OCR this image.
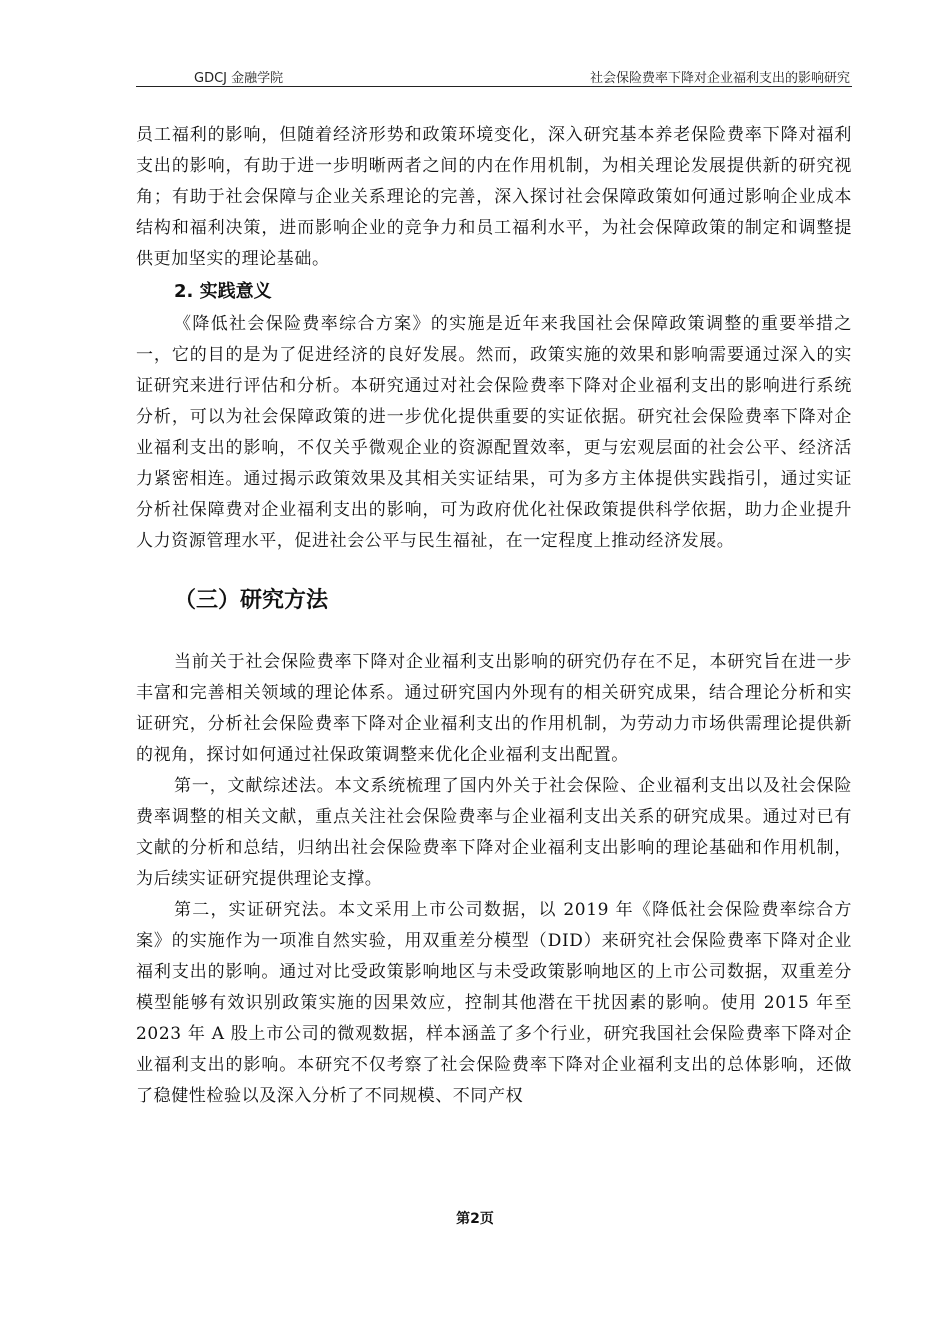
GDCJ 金融学院	社会保险费率下降对企业福利支出的影响研究

员工福利的影响，但随着经济形势和政策环境变化，深入研究基本养老保险费率下降对福利支出的影响，有助于进一步明晰两者之间的内在作用机制，为相关理论发展提供新的研究视角；有助于社会保障与企业关系理论的完善，深入探讨社会保障政策如何通过影响企业成本结构和福利决策，进而影响企业的竞争力和员工福利水平，为社会保障政策的制定和调整提供更加坚实的理论基础。

2. 实践意义

《降低社会保险费率综合方案》的实施是近年来我国社会保障政策调整的重要举措之一，它的目的是为了促进经济的良好发展。然而，政策实施的效果和影响需要通过深入的实证研究来进行评估和分析。本研究通过对社会保险费率下降对企业福利支出的影响进行系统分析，可以为社会保障政策的进一步优化提供重要的实证依据。研究社会保险费率下降对企业福利支出的影响，不仅关乎微观企业的资源配置效率，更与宏观层面的社会公平、经济活力紧密相连。通过揭示政策效果及其相关实证结果，可为多方主体提供实践指引，通过实证分析社保障费对企业福利支出的影响，可为政府优化社保政策提供科学依据，助力企业提升人力资源管理水平，促进社会公平与民生福祉，在一定程度上推动经济发展。

（三）研究方法

当前关于社会保险费率下降对企业福利支出影响的研究仍存在不足，本研究旨在进一步丰富和完善相关领域的理论体系。通过研究国内外现有的相关研究成果，结合理论分析和实证研究，分析社会保险费率下降对企业福利支出的作用机制，为劳动力市场供需理论提供新的视角，探讨如何通过社保政策调整来优化企业福利支出配置。

第一，文献综述法。本文系统梳理了国内外关于社会保险、企业福利支出以及社会保险费率调整的相关文献，重点关注社会保险费率与企业福利支出关系的研究成果。通过对已有文献的分析和总结，归纳出社会保险费率下降对企业福利支出影响的理论基础和作用机制，为后续实证研究提供理论支撑。

第二，实证研究法。本文采用上市公司数据，以 2019 年《降低社会保险费率综合方案》的实施作为一项准自然实验，用双重差分模型（DID）来研究社会保险费率下降对企业福利支出的影响。通过对比受政策影响地区与未受政策影响地区的上市公司数据，双重差分模型能够有效识别政策实施的因果效应，控制其他潜在干扰因素的影响。使用 2015 年至 2023 年 A 股上市公司的微观数据，样本涵盖了多个行业，研究我国社会保险费率下降对企业福利支出的影响。本研究不仅考察了社会保险费率下降对企业福利支出的总体影响，还做了稳健性检验以及深入分析了不同规模、不同产权

第2页
